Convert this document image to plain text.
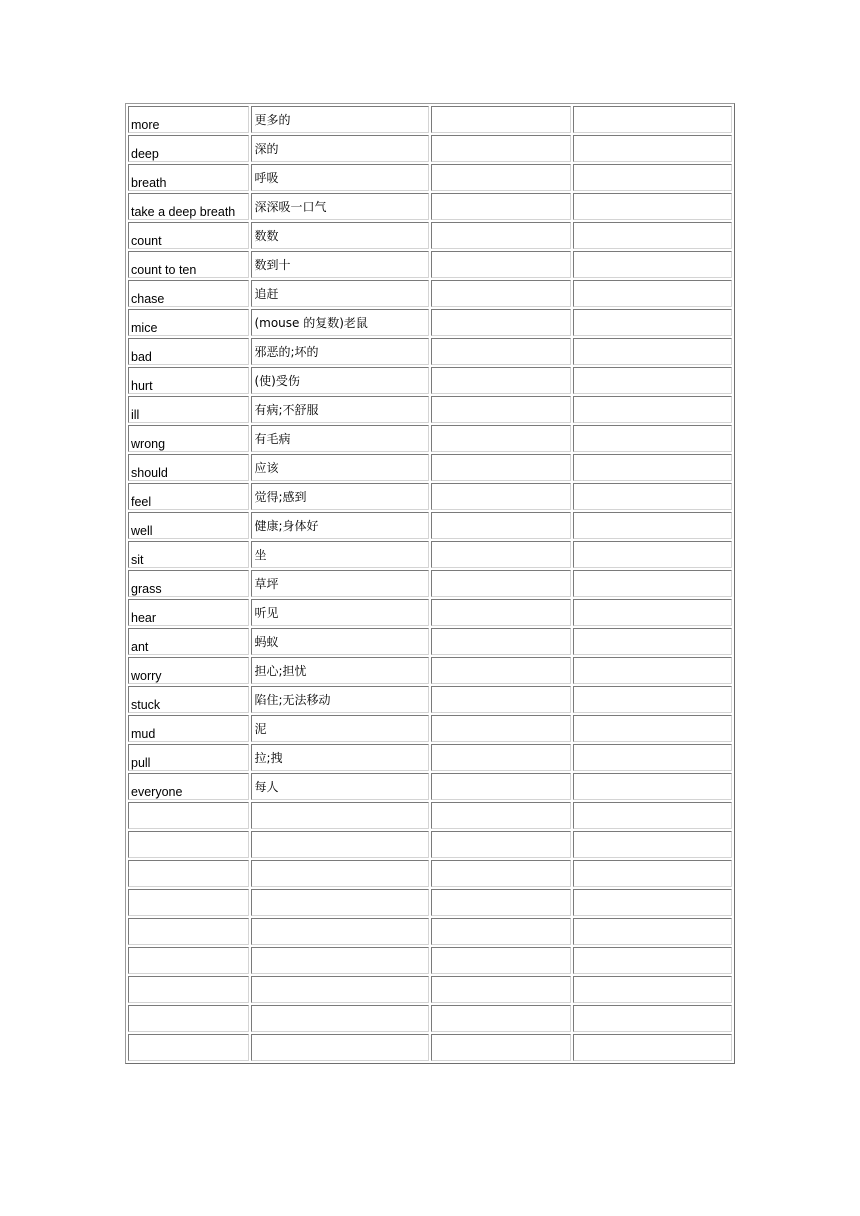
more	更多的		
deep	深的		
breath	呼吸		
take a deep breath	深深吸一口气		
count	数数		
count to ten	数到十		
chase	追赶		
mice	(mouse 的复数)老鼠		
bad	邪恶的;坏的		
hurt	(使)受伤		
ill	有病;不舒服		
wrong	有毛病		
should	应该		
feel	觉得;感到		
well	健康;身体好		
sit	坐		
grass	草坪		
hear	听见		
ant	蚂蚁		
worry	担心;担忧		
stuck	陷住;无法移动		
mud	泥		
pull	拉;拽		
everyone	每人		
